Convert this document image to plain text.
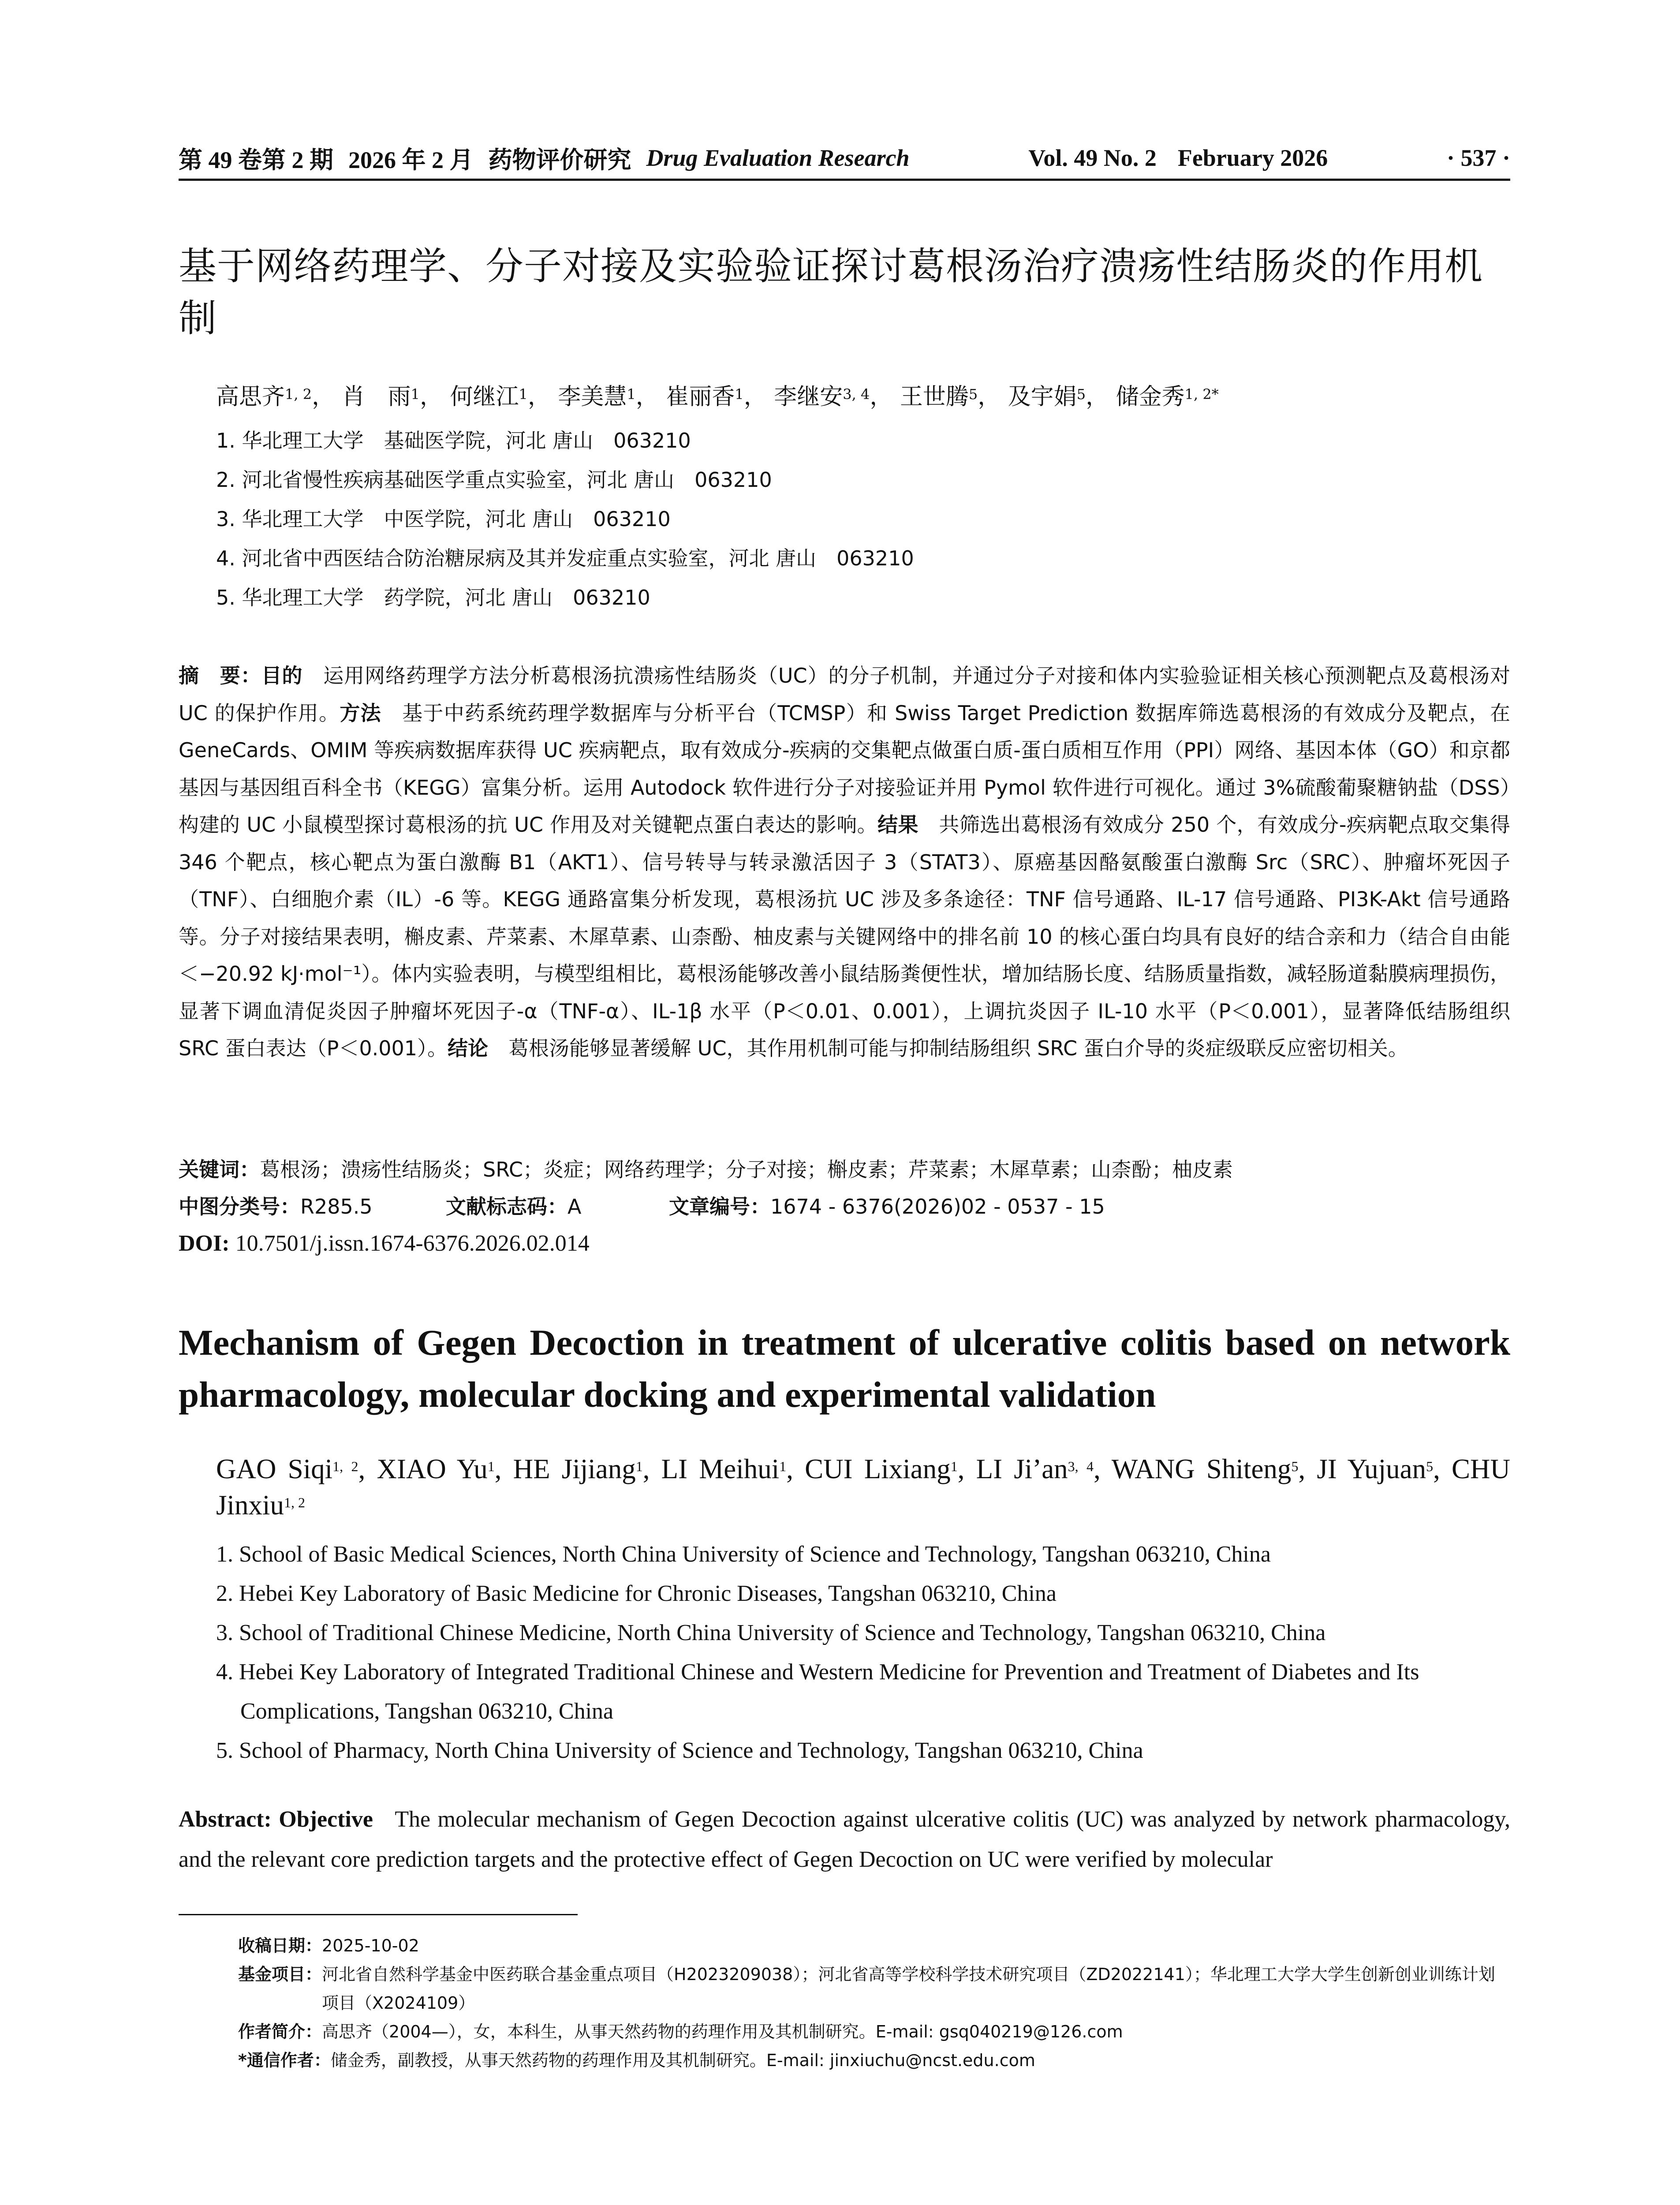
第 49 卷第 2 期 2026 年 2 月 药物评价研究 Drug Evaluation Research	Vol. 49 No. 2 February 2026	· 537 ·
基于网络药理学、分子对接及实验验证探讨葛根汤治疗溃疡性结肠炎的作用机制
高思齐$^{1, 2}$， 肖　雨$^1$， 何继江$^1$， 李美慧$^1$， 崔丽香$^1$， 李继安$^{3, 4}$， 王世腾$^5$， 及宇娟$^5$， 储金秀$^{1, 2*}$
1. 华北理工大学　基础医学院，河北 唐山　063210
2. 河北省慢性疾病基础医学重点实验室，河北 唐山　063210
3. 华北理工大学　中医学院，河北 唐山　063210
4. 河北省中西医结合防治糖尿病及其并发症重点实验室，河北 唐山　063210
5. 华北理工大学　药学院，河北 唐山　063210
摘　要：目的　运用网络药理学方法分析葛根汤抗溃疡性结肠炎（UC）的分子机制，并通过分子对接和体内实验验证相关核心预测靶点及葛根汤对 UC 的保护作用。方法　基于中药系统药理学数据库与分析平台（TCMSP）和 Swiss Target Prediction 数据库筛选葛根汤的有效成分及靶点，在 GeneCards、OMIM 等疾病数据库获得 UC 疾病靶点，取有效成分-疾病的交集靶点做蛋白质-蛋白质相互作用（PPI）网络、基因本体（GO）和京都基因与基因组百科全书（KEGG）富集分析。运用 Autodock 软件进行分子对接验证并用 Pymol 软件进行可视化。通过 3%硫酸葡聚糖钠盐（DSS）构建的 UC 小鼠模型探讨葛根汤的抗 UC 作用及对关键靶点蛋白表达的影响。结果　共筛选出葛根汤有效成分 250 个，有效成分-疾病靶点取交集得 346 个靶点，核心靶点为蛋白激酶 B1（AKT1）、信号转导与转录激活因子 3（STAT3）、原癌基因酪氨酸蛋白激酶 Src（SRC）、肿瘤坏死因子（TNF）、白细胞介素（IL）-6 等。KEGG 通路富集分析发现，葛根汤抗 UC 涉及多条途径：TNF 信号通路、IL-17 信号通路、PI3K-Akt 信号通路等。分子对接结果表明，槲皮素、芹菜素、木犀草素、山柰酚、柚皮素与关键网络中的排名前 10 的核心蛋白均具有良好的结合亲和力（结合自由能＜−20.92 kJ·mol⁻¹）。体内实验表明，与模型组相比，葛根汤能够改善小鼠结肠粪便性状，增加结肠长度、结肠质量指数，减轻肠道黏膜病理损伤，显著下调血清促炎因子肿瘤坏死因子-α（TNF-α）、IL-1β 水平（P＜0.01、0.001），上调抗炎因子 IL-10 水平（P＜0.001），显著降低结肠组织 SRC 蛋白表达（P＜0.001）。结论　葛根汤能够显著缓解 UC，其作用机制可能与抑制结肠组织 SRC 蛋白介导的炎症级联反应密切相关。
关键词：葛根汤；溃疡性结肠炎；SRC；炎症；网络药理学；分子对接；槲皮素；芹菜素；木犀草素；山柰酚；柚皮素
中图分类号：R285.5	文献标志码：A	文章编号：1674 - 6376(2026)02 - 0537 - 15
DOI: 10.7501/j.issn.1674-6376.2026.02.014
Mechanism of Gegen Decoction in treatment of ulcerative colitis based on network pharmacology, molecular docking and experimental validation
GAO Siqi$^{1, 2}$, XIAO Yu$^1$, HE Jijiang$^1$, LI Meihui$^1$, CUI Lixiang$^1$, LI Ji’an$^{3, 4}$, WANG Shiteng$^5$, JI Yujuan$^5$, CHU Jinxiu$^{1, 2}$
1. School of Basic Medical Sciences, North China University of Science and Technology, Tangshan 063210, China
2. Hebei Key Laboratory of Basic Medicine for Chronic Diseases, Tangshan 063210, China
3. School of Traditional Chinese Medicine, North China University of Science and Technology, Tangshan 063210, China
4. Hebei Key Laboratory of Integrated Traditional Chinese and Western Medicine for Prevention and Treatment of Diabetes and Its Complications, Tangshan 063210, China
5. School of Pharmacy, North China University of Science and Technology, Tangshan 063210, China
Abstract: Objective The molecular mechanism of Gegen Decoction against ulcerative colitis (UC) was analyzed by network pharmacology, and the relevant core prediction targets and the protective effect of Gegen Decoction on UC were verified by molecular
收稿日期： 2025-10-02
基金项目： 河北省自然科学基金中医药联合基金重点项目（H2023209038）；河北省高等学校科学技术研究项目（ZD2022141）；华北理工大学大学生创新创业训练计划项目（X2024109）
作者简介： 高思齐（2004—），女，本科生，从事天然药物的药理作用及其机制研究。E-mail: gsq040219@126.com
*通信作者： 储金秀，副教授，从事天然药物的药理作用及其机制研究。E-mail: jinxiuchu@ncst.edu.com
